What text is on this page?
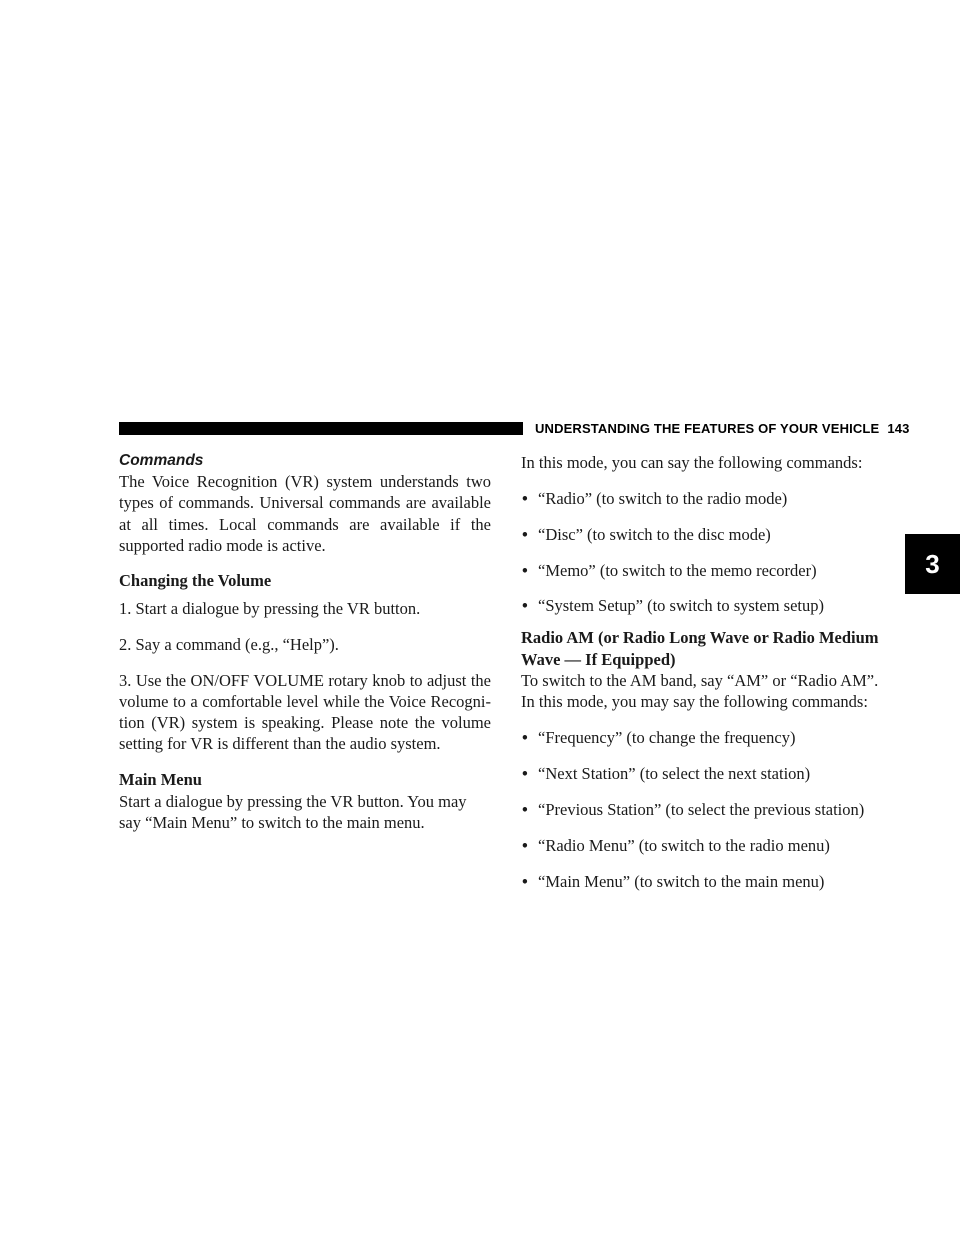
UNDERSTANDING THE FEATURES OF YOUR VEHICLE 143
3
Commands

The Voice Recognition (VR) system understands two types of commands. Universal commands are available at all times. Local commands are available if the supported radio mode is active.

Changing the Volume

1. Start a dialogue by pressing the VR button.

2. Say a command (e.g., “Help”).

3. Use the ON/OFF VOLUME rotary knob to adjust the volume to a comfortable level while the Voice Recogni-tion (VR) system is speaking. Please note the volume setting for VR is different than the audio system.

Main Menu

Start a dialogue by pressing the VR button. You may say “Main Menu” to switch to the main menu.

In this mode, you can say the following commands:

• “Radio” (to switch to the radio mode)
• “Disc” (to switch to the disc mode)
• “Memo” (to switch to the memo recorder)
• “System Setup” (to switch to system setup)
Radio AM (or Radio Long Wave or Radio Medium Wave — If Equipped)

To switch to the AM band, say “AM” or “Radio AM”. In this mode, you may say the following commands:

• “Frequency” (to change the frequency)
• “Next Station” (to select the next station)
• “Previous Station” (to select the previous station)
• “Radio Menu” (to switch to the radio menu)
• “Main Menu” (to switch to the main menu)
